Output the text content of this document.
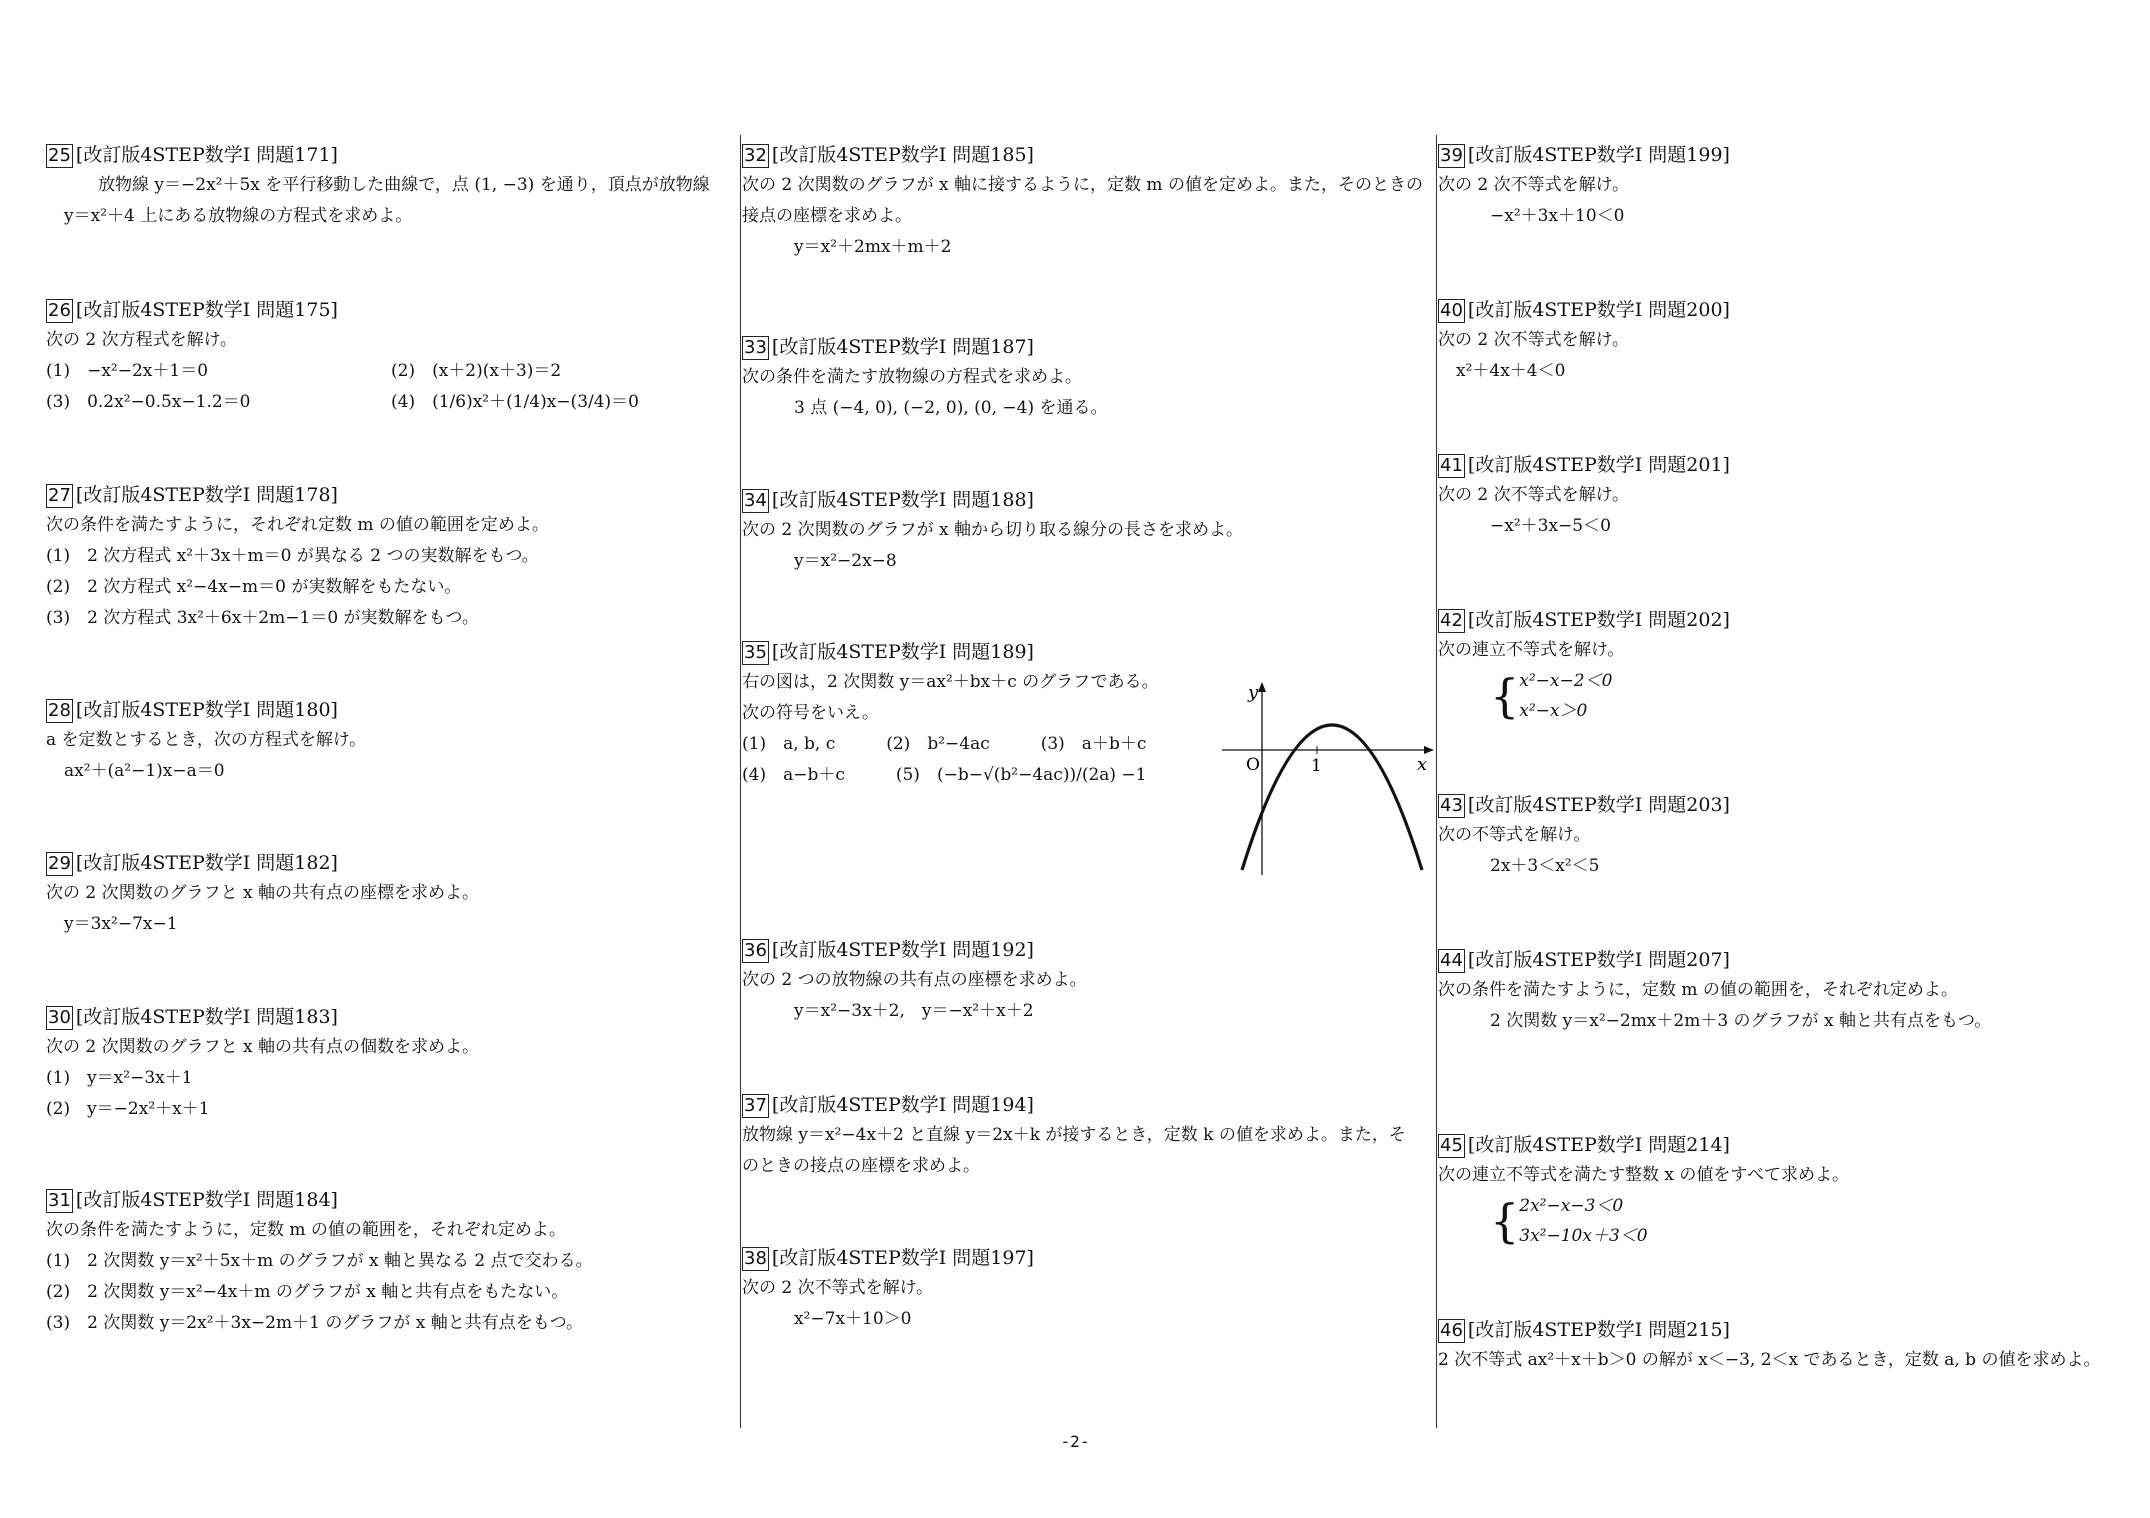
25 [改訂版4STEP数学Ⅰ 問題171]
放物線 y＝−2x²＋5x を平行移動した曲線で，点 (1, −3) を通り，頂点が放物線
y＝x²＋4 上にある放物線の方程式を求めよ。
26 [改訂版4STEP数学Ⅰ 問題175]
次の 2 次方程式を解け。
(1)　−x²−2x＋1＝0	(2)　(x＋2)(x＋3)＝2
(3)　0.2x²−0.5x−1.2＝0	(4)　(1/6)x²＋(1/4)x−(3/4)＝0
27 [改訂版4STEP数学Ⅰ 問題178]
次の条件を満たすように，それぞれ定数 m の値の範囲を定めよ。
(1)　2 次方程式 x²＋3x＋m＝0 が異なる 2 つの実数解をもつ。
(2)　2 次方程式 x²−4x−m＝0 が実数解をもたない。
(3)　2 次方程式 3x²＋6x＋2m−1＝0 が実数解をもつ。
28 [改訂版4STEP数学Ⅰ 問題180]
a を定数とするとき，次の方程式を解け。
ax²＋(a²−1)x−a＝0
29 [改訂版4STEP数学Ⅰ 問題182]
次の 2 次関数のグラフと x 軸の共有点の座標を求めよ。
y＝3x²−7x−1
30 [改訂版4STEP数学Ⅰ 問題183]
次の 2 次関数のグラフと x 軸の共有点の個数を求めよ。
(1)　y＝x²−3x＋1
(2)　y＝−2x²＋x＋1
31 [改訂版4STEP数学Ⅰ 問題184]
次の条件を満たすように，定数 m の値の範囲を，それぞれ定めよ。
(1)　2 次関数 y＝x²＋5x＋m のグラフが x 軸と異なる 2 点で交わる。
(2)　2 次関数 y＝x²−4x＋m のグラフが x 軸と共有点をもたない。
(3)　2 次関数 y＝2x²＋3x−2m＋1 のグラフが x 軸と共有点をもつ。
32 [改訂版4STEP数学Ⅰ 問題185]
次の 2 次関数のグラフが x 軸に接するように，定数 m の値を定めよ。また，そのときの
接点の座標を求めよ。
y＝x²＋2mx＋m＋2
33 [改訂版4STEP数学Ⅰ 問題187]
次の条件を満たす放物線の方程式を求めよ。
3 点 (−4, 0), (−2, 0), (0, −4) を通る。
34 [改訂版4STEP数学Ⅰ 問題188]
次の 2 次関数のグラフが x 軸から切り取る線分の長さを求めよ。
y＝x²−2x−8
35 [改訂版4STEP数学Ⅰ 問題189]
右の図は，2 次関数 y＝ax²＋bx＋c のグラフである。
次の符号をいえ。
(1)　a, b, c　　　(2)　b²−4ac　　　(3)　a＋b＋c
(4)　a−b＋c　　　(5)　(−b−√(b²−4ac))/(2a) −1
36 [改訂版4STEP数学Ⅰ 問題192]
次の 2 つの放物線の共有点の座標を求めよ。
y＝x²−3x＋2,　y＝−x²＋x＋2
37 [改訂版4STEP数学Ⅰ 問題194]
放物線 y＝x²−4x＋2 と直線 y＝2x＋k が接するとき，定数 k の値を求めよ。また，そ
のときの接点の座標を求めよ。
38 [改訂版4STEP数学Ⅰ 問題197]
次の 2 次不等式を解け。
x²−7x＋10＞0
39 [改訂版4STEP数学Ⅰ 問題199]
次の 2 次不等式を解け。
−x²＋3x＋10＜0
40 [改訂版4STEP数学Ⅰ 問題200]
次の 2 次不等式を解け。
x²＋4x＋4＜0
41 [改訂版4STEP数学Ⅰ 問題201]
次の 2 次不等式を解け。
−x²＋3x−5＜0
42 [改訂版4STEP数学Ⅰ 問題202]
次の連立不等式を解け。
{ x²−x−2＜0
x²−x＞0
43 [改訂版4STEP数学Ⅰ 問題203]
次の不等式を解け。
2x＋3＜x²＜5
44 [改訂版4STEP数学Ⅰ 問題207]
次の条件を満たすように，定数 m の値の範囲を，それぞれ定めよ。
2 次関数 y＝x²−2mx＋2m＋3 のグラフが x 軸と共有点をもつ。
45 [改訂版4STEP数学Ⅰ 問題214]
次の連立不等式を満たす整数 x の値をすべて求めよ。
{ 2x²−x−3＜0
3x²−10x＋3＜0
46 [改訂版4STEP数学Ⅰ 問題215]
2 次不等式 ax²＋x＋b＞0 の解が x＜−3, 2＜x であるとき，定数 a, b の値を求めよ。
y
x
O	1
-2-
